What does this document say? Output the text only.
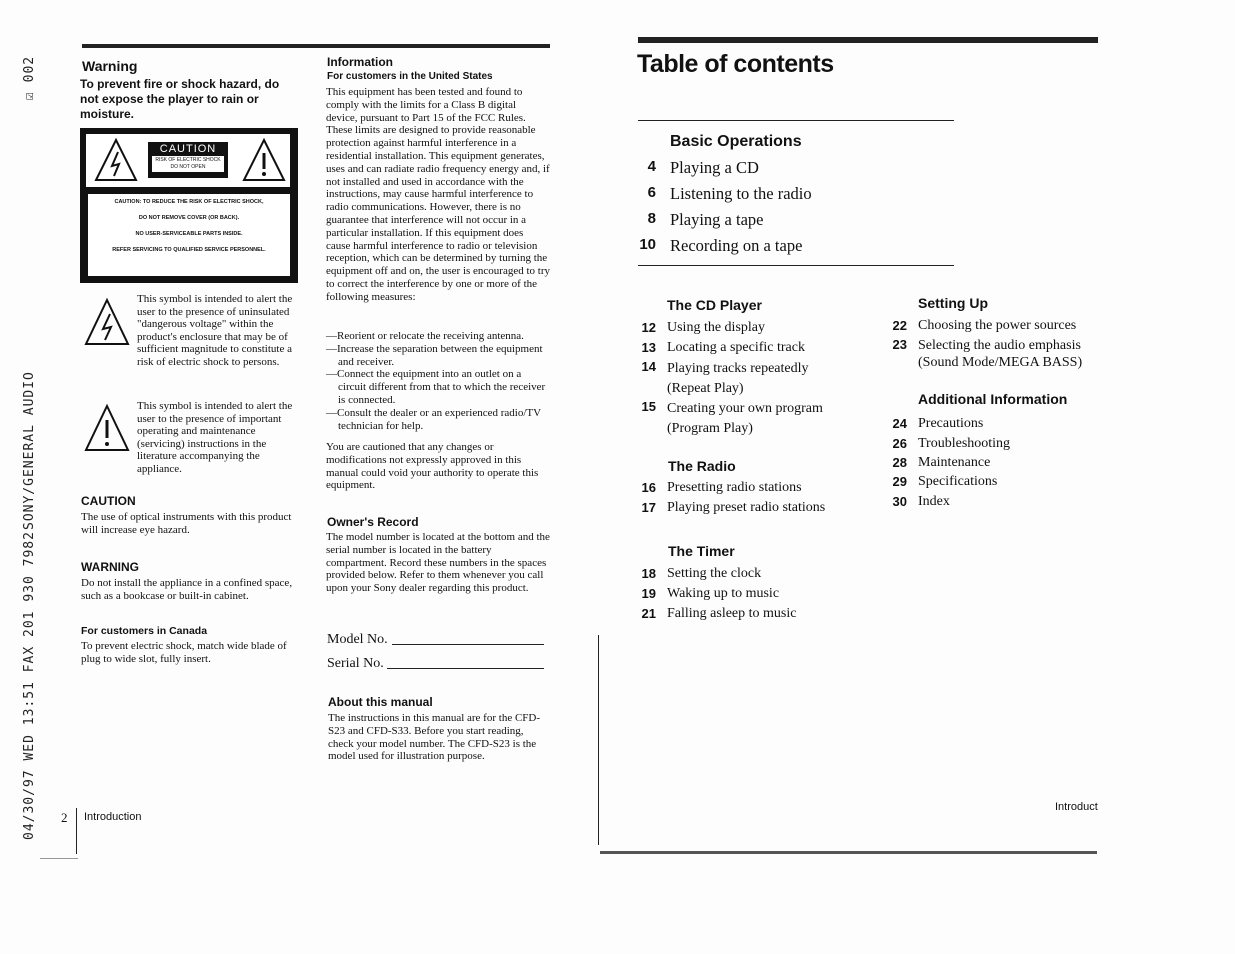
☑ 002
SONY/GENERAL AUDIO
04/30/97 WED 13:51 FAX 201 930 7982
Warning
To prevent fire or shock hazard, do not expose the player to rain or moisture.
CAUTION
RISK OF ELECTRIC SHOCK
DO NOT OPEN
CAUTION: TO REDUCE THE RISK OF ELECTRIC SHOCK,
DO NOT REMOVE COVER (OR BACK).
NO USER-SERVICEABLE PARTS INSIDE.
REFER SERVICING TO QUALIFIED SERVICE PERSONNEL.
This symbol is intended to alert the user to the presence of uninsulated "dangerous voltage" within the product's enclosure that may be of sufficient magnitude to constitute a risk of electric shock to persons.
This symbol is intended to alert the user to the presence of important operating and maintenance (servicing) instructions in the literature accompanying the appliance.
CAUTION
The use of optical instruments with this product will increase eye hazard.
WARNING
Do not install the appliance in a confined space, such as a bookcase or built-in cabinet.
For customers in Canada
To prevent electric shock, match wide blade of plug to wide slot, fully insert.
2 Introduction
Information
For customers in the United States
This equipment has been tested and found to comply with the limits for a Class B digital device, pursuant to Part 15 of the FCC Rules. These limits are designed to provide reasonable protection against harmful interference in a residential installation. This equipment generates, uses and can radiate radio frequency energy and, if not installed and used in accordance with the instructions, may cause harmful interference to radio communications. However, there is no guarantee that interference will not occur in a particular installation. If this equipment does cause harmful interference to radio or television reception, which can be determined by turning the equipment off and on, the user is encouraged to try to correct the interference by one or more of the following measures:
—Reorient or relocate the receiving antenna.
—Increase the separation between the equipment and receiver.
—Connect the equipment into an outlet on a circuit different from that to which the receiver is connected.
—Consult the dealer or an experienced radio/TV technician for help.
You are cautioned that any changes or modifications not expressly approved in this manual could void your authority to operate this equipment.
Owner's Record
The model number is located at the bottom and the serial number is located in the battery compartment. Record these numbers in the spaces provided below. Refer to them whenever you call upon your Sony dealer regarding this product.
Model No.
Serial No.
About this manual
The instructions in this manual are for the CFD-S23 and CFD-S33. Before you start reading, check your model number. The CFD-S23 is the model used for illustration purpose.
Table of contents
Basic Operations
4 Playing a CD
6 Listening to the radio
8 Playing a tape
10 Recording on a tape
The CD Player
12 Using the display
13 Locating a specific track
14 Playing tracks repeatedly
(Repeat Play)
15 Creating your own program
(Program Play)
The Radio
16 Presetting radio stations
17 Playing preset radio stations
The Timer
18 Setting the clock
19 Waking up to music
21 Falling asleep to music
Setting Up
22 Choosing the power sources
23 Selecting the audio emphasis
(Sound Mode/MEGA BASS)
Additional Information
24 Precautions
26 Troubleshooting
28 Maintenance
29 Specifications
30 Index
Introduct
